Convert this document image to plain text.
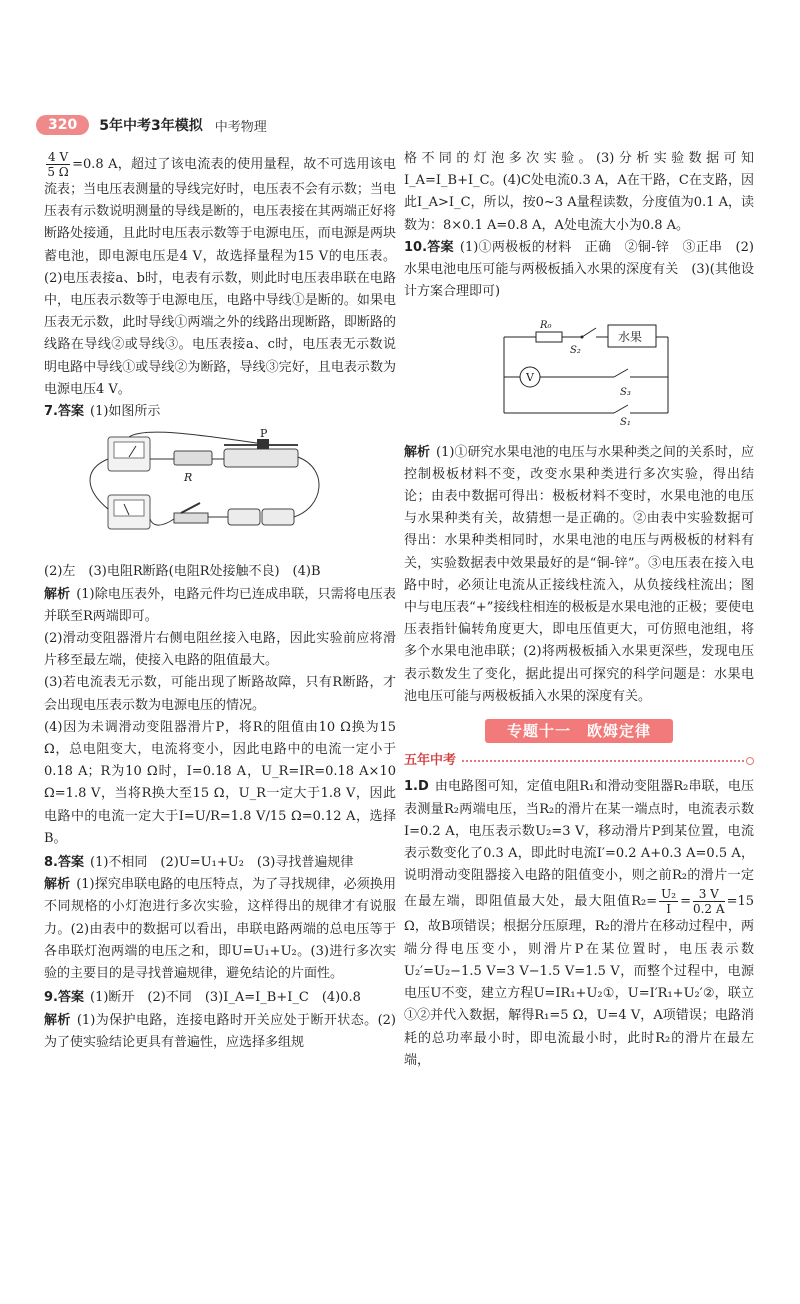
320	5年中考3年模拟 中考物理

$\frac{4 V}{5 \Omega} =0.8$ A，超过了该电流表的使用量程，故不可选用该电流表；当电压表测量的导线完好时，电压表不会有示数；当电压表有示数说明测量的导线是断的，电压表接在其两端正好将断路处接通，且此时电压表示数等于电源电压，而电源是两块蓄电池，即电源电压是4 V，故选择量程为15 V的电压表。(2)电压表接a、b时，电表有示数，则此时电压表串联在电路中，电压表示数等于电源电压，电路中导线①是断的。如果电压表无示数，此时导线①两端之外的线路出现断路，即断路的线路在导线②或导线③。电压表接a、c时，电压表无示数说明电路中导线①或导线②为断路，导线③完好，且电表示数为电源电压4 V。

7.答案 (1)如图所示

R
P

(2)左　(3)电阻R断路(电阻R处接触不良)　(4)B

解析 (1)除电压表外，电路元件均已连成串联，只需将电压表并联至R两端即可。

(2)滑动变阻器滑片右侧电阻丝接入电路，因此实验前应将滑片移至最左端，使接入电路的阻值最大。

(3)若电流表无示数，可能出现了断路故障，只有R断路，才会出现电压表示数为电源电压的情况。

(4)因为未调滑动变阻器滑片P，将R的阻值由10 Ω换为15 Ω，总电阻变大，电流将变小，因此电路中的电流一定小于0.18 A；R为10 Ω时，I=0.18 A，U_R=IR=0.18 A×10 Ω=1.8 V，当将R换大至15 Ω，U_R一定大于1.8 V，因此电路中的电流一定大于I=U/R=1.8 V/15 Ω=0.12 A，选择B。

8.答案 (1)不相同　(2)U=U₁+U₂　(3)寻找普遍规律

解析 (1)探究串联电路的电压特点，为了寻找规律，必须换用不同规格的小灯泡进行多次实验，这样得出的规律才有说服力。(2)由表中的数据可以看出，串联电路两端的总电压等于各串联灯泡两端的电压之和，即U=U₁+U₂。(3)进行多次实验的主要目的是寻找普遍规律，避免结论的片面性。

9.答案 (1)断开　(2)不同　(3)I_A=I_B+I_C　(4)0.8

解析 (1)为保护电路，连接电路时开关应处于断开状态。(2)为了使实验结论更具有普遍性，应选择多组规

格不同的灯泡多次实验。(3)分析实验数据可知I_A=I_B+I_C。(4)C处电流0.3 A，A在干路，C在支路，因此I_A>I_C，所以，按0~3 A量程读数，分度值为0.1 A，读数为：8×0.1 A=0.8 A，A处电流大小为0.8 A。

10.答案 (1)①两极板的材料　正确　②铜-锌　③正串　(2)水果电池电压可能与两极板插入水果的深度有关　(3)(其他设计方案合理即可)

R₀
S₂
水果
V
S₃
S₁

解析 (1)①研究水果电池的电压与水果种类之间的关系时，应控制极板材料不变，改变水果种类进行多次实验，得出结论；由表中数据可得出：极板材料不变时，水果电池的电压与水果种类有关，故猜想一是正确的。②由表中实验数据可得出：水果种类相同时，水果电池的电压与两极板的材料有关，实验数据表中效果最好的是“铜-锌”。③电压表在接入电路中时，必须让电流从正接线柱流入，从负接线柱流出；图中与电压表“+”接线柱相连的极板是水果电池的正极；要使电压表指针偏转角度更大，即电压值更大，可仿照电池组，将多个水果电池串联；(2)将两极板插入水果更深些，发现电压表示数发生了变化，据此提出可探究的科学问题是：水果电池电压可能与两极板插入水果的深度有关。

专题十一　欧姆定律
五年中考

1.D 由电路图可知，定值电阻R₁和滑动变阻器R₂串联，电压表测量R₂两端电压，当R₂的滑片在某一端点时，电流表示数I=0.2 A，电压表示数U₂=3 V，移动滑片P到某位置，电流表示数变化了0.3 A，即此时电流I′=0.2 A+0.3 A=0.5 A，说明滑动变阻器接入电路的阻值变小，则之前R₂的滑片一定在最左端，即阻值最大处，最大阻值$R_2= \frac{\text{U₂}}{I} = \frac{3 V}{0.2 A} =15$ Ω，故B项错误；根据分压原理，R₂的滑片在移动过程中，两端分得电压变小，则滑片P在某位置时，电压表示数U₂′=U₂−1.5 V=3 V−1.5 V=1.5 V，而整个过程中，电源电压U不变，建立方程U=IR₁+U₂①，U=I′R₁+U₂′②，联立①②并代入数据，解得R₁=5 Ω，U=4 V，A项错误；电路消耗的总功率最小时，即电流最小时，此时R₂的滑片在最左端，
